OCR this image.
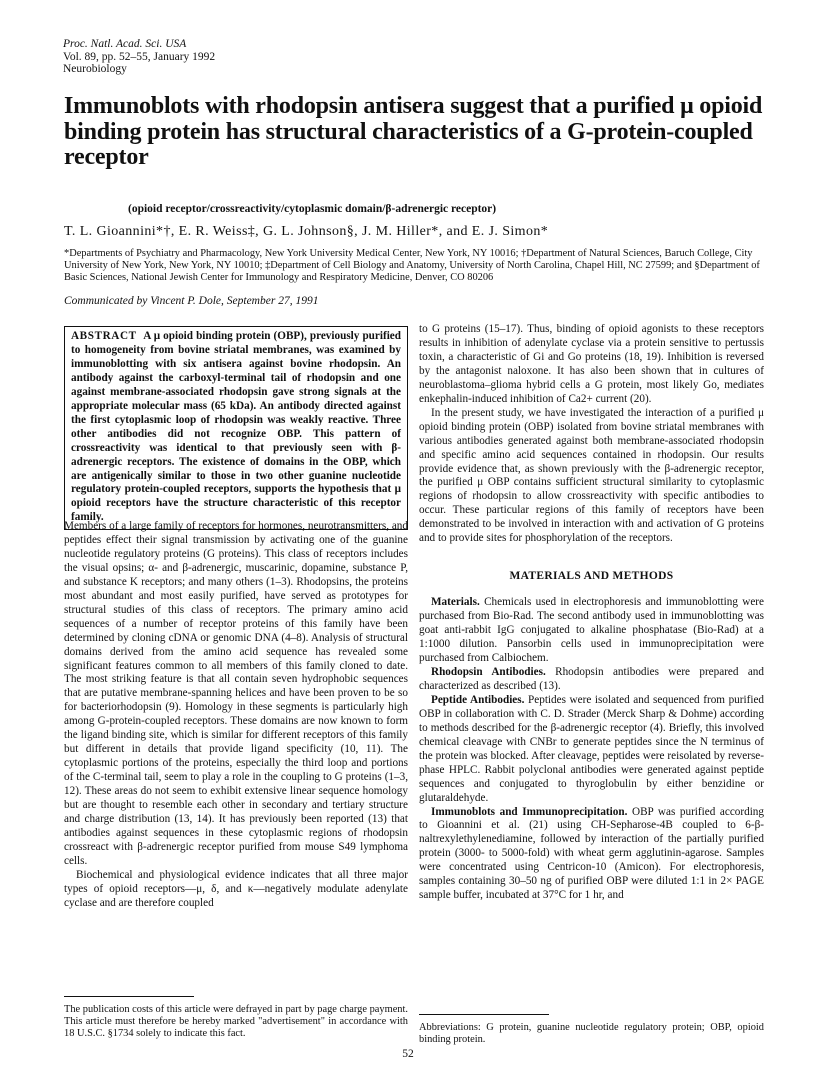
Proc. Natl. Acad. Sci. USA
Vol. 89, pp. 52–55, January 1992
Neurobiology
Immunoblots with rhodopsin antisera suggest that a purified μ opioid binding protein has structural characteristics of a G-protein-coupled receptor
(opioid receptor/crossreactivity/cytoplasmic domain/β-adrenergic receptor)
T. L. Gioannini*†, E. R. Weiss‡, G. L. Johnson§, J. M. Hiller*, and E. J. Simon*
*Departments of Psychiatry and Pharmacology, New York University Medical Center, New York, NY 10016; †Department of Natural Sciences, Baruch College, City University of New York, New York, NY 10010; ‡Department of Cell Biology and Anatomy, University of North Carolina, Chapel Hill, NC 27599; and §Department of Basic Sciences, National Jewish Center for Immunology and Respiratory Medicine, Denver, CO 80206
Communicated by Vincent P. Dole, September 27, 1991
ABSTRACT A μ opioid binding protein (OBP), previously purified to homogeneity from bovine striatal membranes, was examined by immunoblotting with six antisera against bovine rhodopsin. An antibody against the carboxyl-terminal tail of rhodopsin and one against membrane-associated rhodopsin gave strong signals at the appropriate molecular mass (65 kDa). An antibody directed against the first cytoplasmic loop of rhodopsin was weakly reactive. Three other antibodies did not recognize OBP. This pattern of crossreactivity was identical to that previously seen with β-adrenergic receptors. The existence of domains in the OBP, which are antigenically similar to those in two other guanine nucleotide regulatory protein-coupled receptors, supports the hypothesis that μ opioid receptors have the structure characteristic of this receptor family.

Members of a large family of receptors for hormones, neurotransmitters, and peptides effect their signal transmission by activating one of the guanine nucleotide regulatory proteins (G proteins). This class of receptors includes the visual opsins; α- and β-adrenergic, muscarinic, dopamine, substance P, and substance K receptors; and many others (1–3). Rhodopsins, the proteins most abundant and most easily purified, have served as prototypes for structural studies of this class of receptors. The primary amino acid sequences of a number of receptor proteins of this family have been determined by cloning cDNA or genomic DNA (4–8). Analysis of structural domains derived from the amino acid sequence has revealed some significant features common to all members of this family cloned to date. The most striking feature is that all contain seven hydrophobic sequences that are putative membrane-spanning helices and have been proven to be so for bacteriorhodopsin (9). Homology in these segments is particularly high among G-protein-coupled receptors. These domains are now known to form the ligand binding site, which is similar for different receptors of this family but different in details that provide ligand specificity (10, 11). The cytoplasmic portions of the proteins, especially the third loop and portions of the C-terminal tail, seem to play a role in the coupling to G proteins (1–3, 12). These areas do not seem to exhibit extensive linear sequence homology but are thought to resemble each other in secondary and tertiary structure and charge distribution (13, 14). It has previously been reported (13) that antibodies against sequences in these cytoplasmic regions of rhodopsin crossreact with β-adrenergic receptor purified from mouse S49 lymphoma cells.

Biochemical and physiological evidence indicates that all three major types of opioid receptors—μ, δ, and κ—negatively modulate adenylate cyclase and are therefore coupled

The publication costs of this article were defrayed in part by page charge payment. This article must therefore be hereby marked "advertisement" in accordance with 18 U.S.C. §1734 solely to indicate this fact.

to G proteins (15–17). Thus, binding of opioid agonists to these receptors results in inhibition of adenylate cyclase via a protein sensitive to pertussis toxin, a characteristic of Gi and Go proteins (18, 19). Inhibition is reversed by the antagonist naloxone. It has also been shown that in cultures of neuroblastoma–glioma hybrid cells a G protein, most likely Go, mediates enkephalin-induced inhibition of Ca2+ current (20).

In the present study, we have investigated the interaction of a purified μ opioid binding protein (OBP) isolated from bovine striatal membranes with various antibodies generated against both membrane-associated rhodopsin and specific amino acid sequences contained in rhodopsin. Our results provide evidence that, as shown previously with the β-adrenergic receptor, the purified μ OBP contains sufficient structural similarity to cytoplasmic regions of rhodopsin to allow crossreactivity with specific antibodies to occur. These particular regions of this family of receptors have been demonstrated to be involved in interaction with and activation of G proteins and to provide sites for phosphorylation of the receptors.

MATERIALS AND METHODS

Materials. Chemicals used in electrophoresis and immunoblotting were purchased from Bio-Rad. The second antibody used in immunoblotting was goat anti-rabbit IgG conjugated to alkaline phosphatase (Bio-Rad) at a 1:1000 dilution. Pansorbin cells used in immunoprecipitation were purchased from Calbiochem.

Rhodopsin Antibodies. Rhodopsin antibodies were prepared and characterized as described (13).

Peptide Antibodies. Peptides were isolated and sequenced from purified OBP in collaboration with C. D. Strader (Merck Sharp & Dohme) according to methods described for the β-adrenergic receptor (4). Briefly, this involved chemical cleavage with CNBr to generate peptides since the N terminus of the protein was blocked. After cleavage, peptides were reisolated by reverse-phase HPLC. Rabbit polyclonal antibodies were generated against peptide sequences and conjugated to thyroglobulin by either benzidine or glutaraldehyde.

Immunoblots and Immunoprecipitation. OBP was purified according to Gioannini et al. (21) using CH-Sepharose-4B coupled to 6-β-naltrexylethylenediamine, followed by interaction of the partially purified protein (3000- to 5000-fold) with wheat germ agglutinin-agarose. Samples were concentrated using Centricon-10 (Amicon). For electrophoresis, samples containing 30–50 ng of purified OBP were diluted 1:1 in 2× PAGE sample buffer, incubated at 37°C for 1 hr, and

Abbreviations: G protein, guanine nucleotide regulatory protein; OBP, opioid binding protein.
52
